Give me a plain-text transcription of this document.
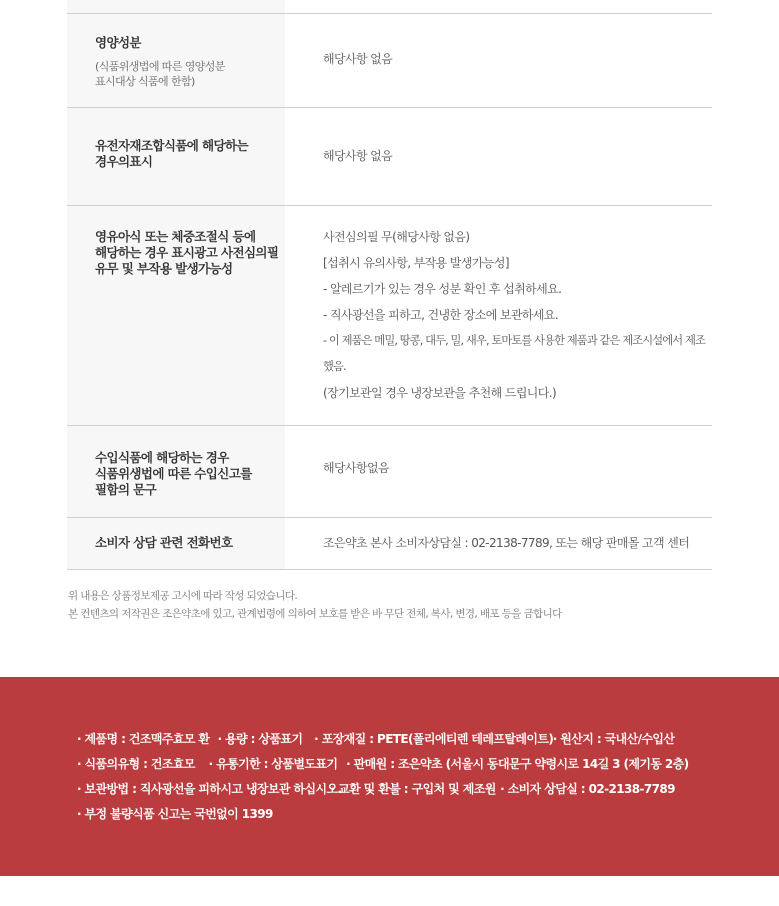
영양성분
(식품위생법에 따른 영양성분
표시대상 식품에 한함)
해당사항 없음
유전자재조합식품에 해당하는
경우의표시	해당사항 없음
영유아식 또는 체중조절식 등에
해당하는 경우 표시광고 사전심의필
유무 및 부작용 발생가능성
사전심의필 무(해당사항 없음)
[섭취시 유의사항, 부작용 발생가능성]
- 알레르기가 있는 경우 성분 확인 후 섭취하세요.
- 직사광선을 피하고, 건냉한 장소에 보관하세요.
- 이 제품은 메밀, 땅콩, 대두, 밀, 새우, 토마토를 사용한 제품과 같은 제조시설에서 제조했음.
(장기보관일 경우 냉장보관을 추천해 드립니다.)
수입식품에 해당하는 경우
식품위생법에 따른 수입신고를
필함의 문구
해당사항없음
소비자 상담 관련 전화번호	조은약초 본사 소비자상담실 : 02-2138-7789, 또는 해당 판매몰 고객 센터
위 내용은 상품정보제공 고시에 따라 작성 되었습니다.
본 컨텐츠의 저작권은 조은약초에 있고, 관계법령에 의하여 보호를 받은 바 무단 전체, 복사, 변경, 배포 등을 금합니다
· 제품명 : 건조맥주효모 환 · 용량 : 상품표기 · 포장재질 : PETE(폴리에티렌 테레프탈레이트) · 원산지 : 국내산/수입산
· 식품의유형 : 건조효모 · 유통기한 : 상품별도표기 · 판매원 : 조은약초 (서울시 동대문구 약령시로 14길 3 (제기동 2층)
· 보관방법 : 직사광선을 피하시고 냉장보관 하십시오. · 교환 및 환불 : 구입처 및 제조원 · 소비자 상담실 : 02-2138-7789
· 부정 불량식품 신고는 국번없이 1399
